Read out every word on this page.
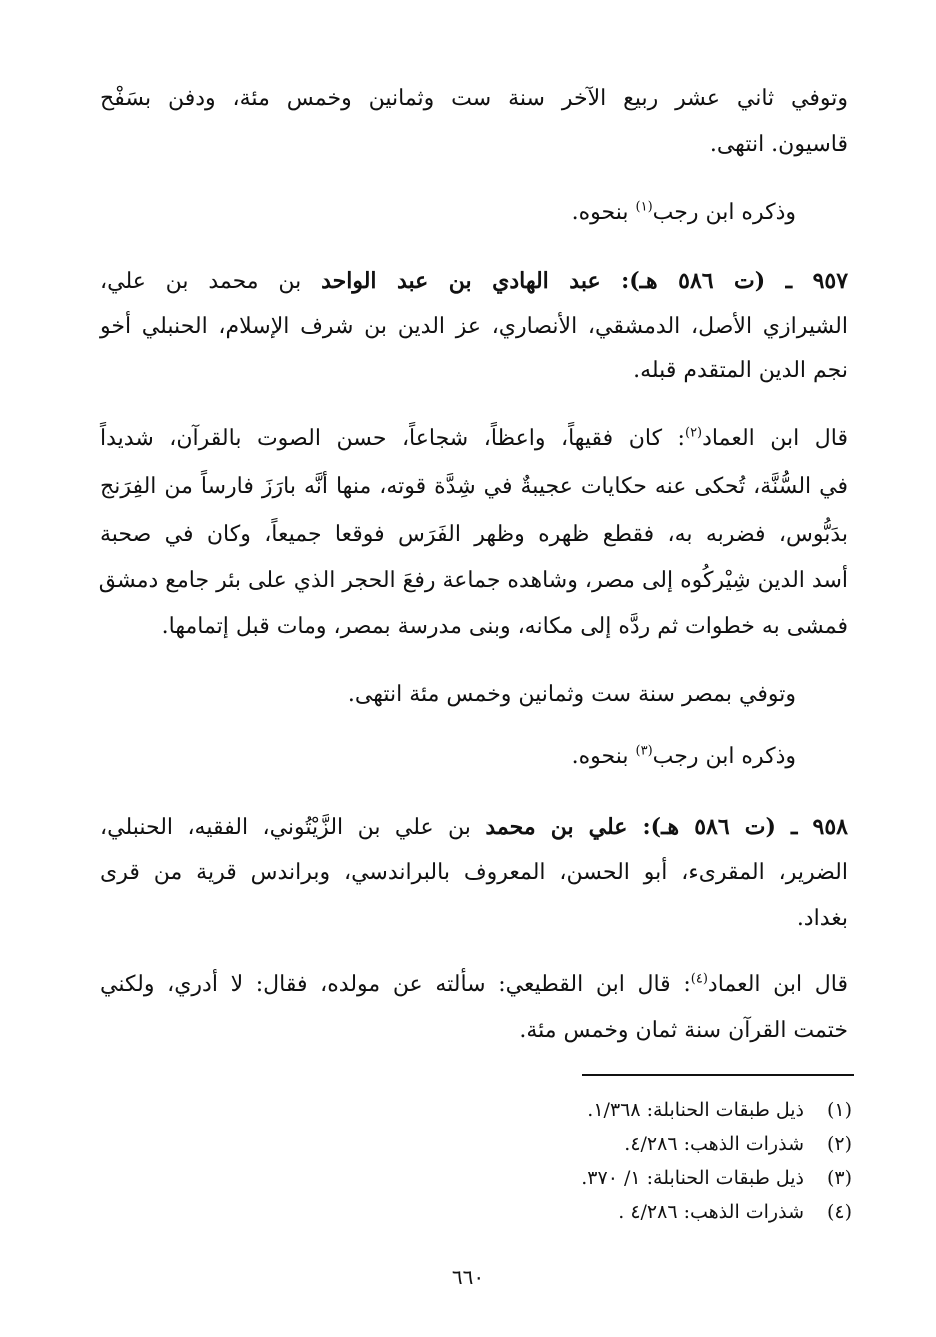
وتوفي ثاني عشر ربيع الآخر سنة ست وثمانين وخمس مئة، ودفن بسَفْح
قاسيون. انتهى.
وذكره ابن رجب$^{(١)}$ بنحوه.
٩٥٧ ـ (ت ٥٨٦ هـ): عبد الهادي بن عبد الواحد بن محمد بن علي،
الشيرازي الأصل، الدمشقي، الأنصاري، عز الدين بن شرف الإسلام، الحنبلي أخو
نجم الدين المتقدم قبله.
قال ابن العماد$^{(٢)}$: كان فقيهاً، واعظاً، شجاعاً، حسن الصوت بالقرآن، شديداً
في السُّنَّة، تُحكى عنه حكايات عجيبةٌ في شِدَّة قوته، منها أنَّه بارَزَ فارساً من الفِرَنج
بدَبُّوس، فضربه به، فقطع ظهره وظهر الفَرَس فوقعا جميعاً، وكان في صحبة
أسد الدين شِيْركُوه إلى مصر، وشاهده جماعة رفعَ الحجر الذي على بئر جامع دمشق
فمشى به خطوات ثم ردَّه إلى مكانه، وبنى مدرسة بمصر، ومات قبل إتمامها.
وتوفي بمصر سنة ست وثمانين وخمس مئة انتهى.
وذكره ابن رجب$^{(٣)}$ بنحوه.
٩٥٨ ـ (ت ٥٨٦ هـ): علي بن محمد بن علي بن الزَّيْتُوني، الفقيه، الحنبلي،
الضرير، المقرىء، أبو الحسن، المعروف بالبراندسي، وبراندس قرية من قرى
بغداد.
قال ابن العماد$^{(٤)}$: قال ابن القطيعي: سألته عن مولده، فقال: لا أدري، ولكني
ختمت القرآن سنة ثمان وخمس مئة.
(١)ذيل طبقات الحنابلة: ١/٣٦٨.
(٢)شذرات الذهب: ٤/٢٨٦.
(٣)ذيل طبقات الحنابلة: ١/ ٣٧٠.
(٤)شذرات الذهب: ٤/٢٨٦ .
٦٦٠
